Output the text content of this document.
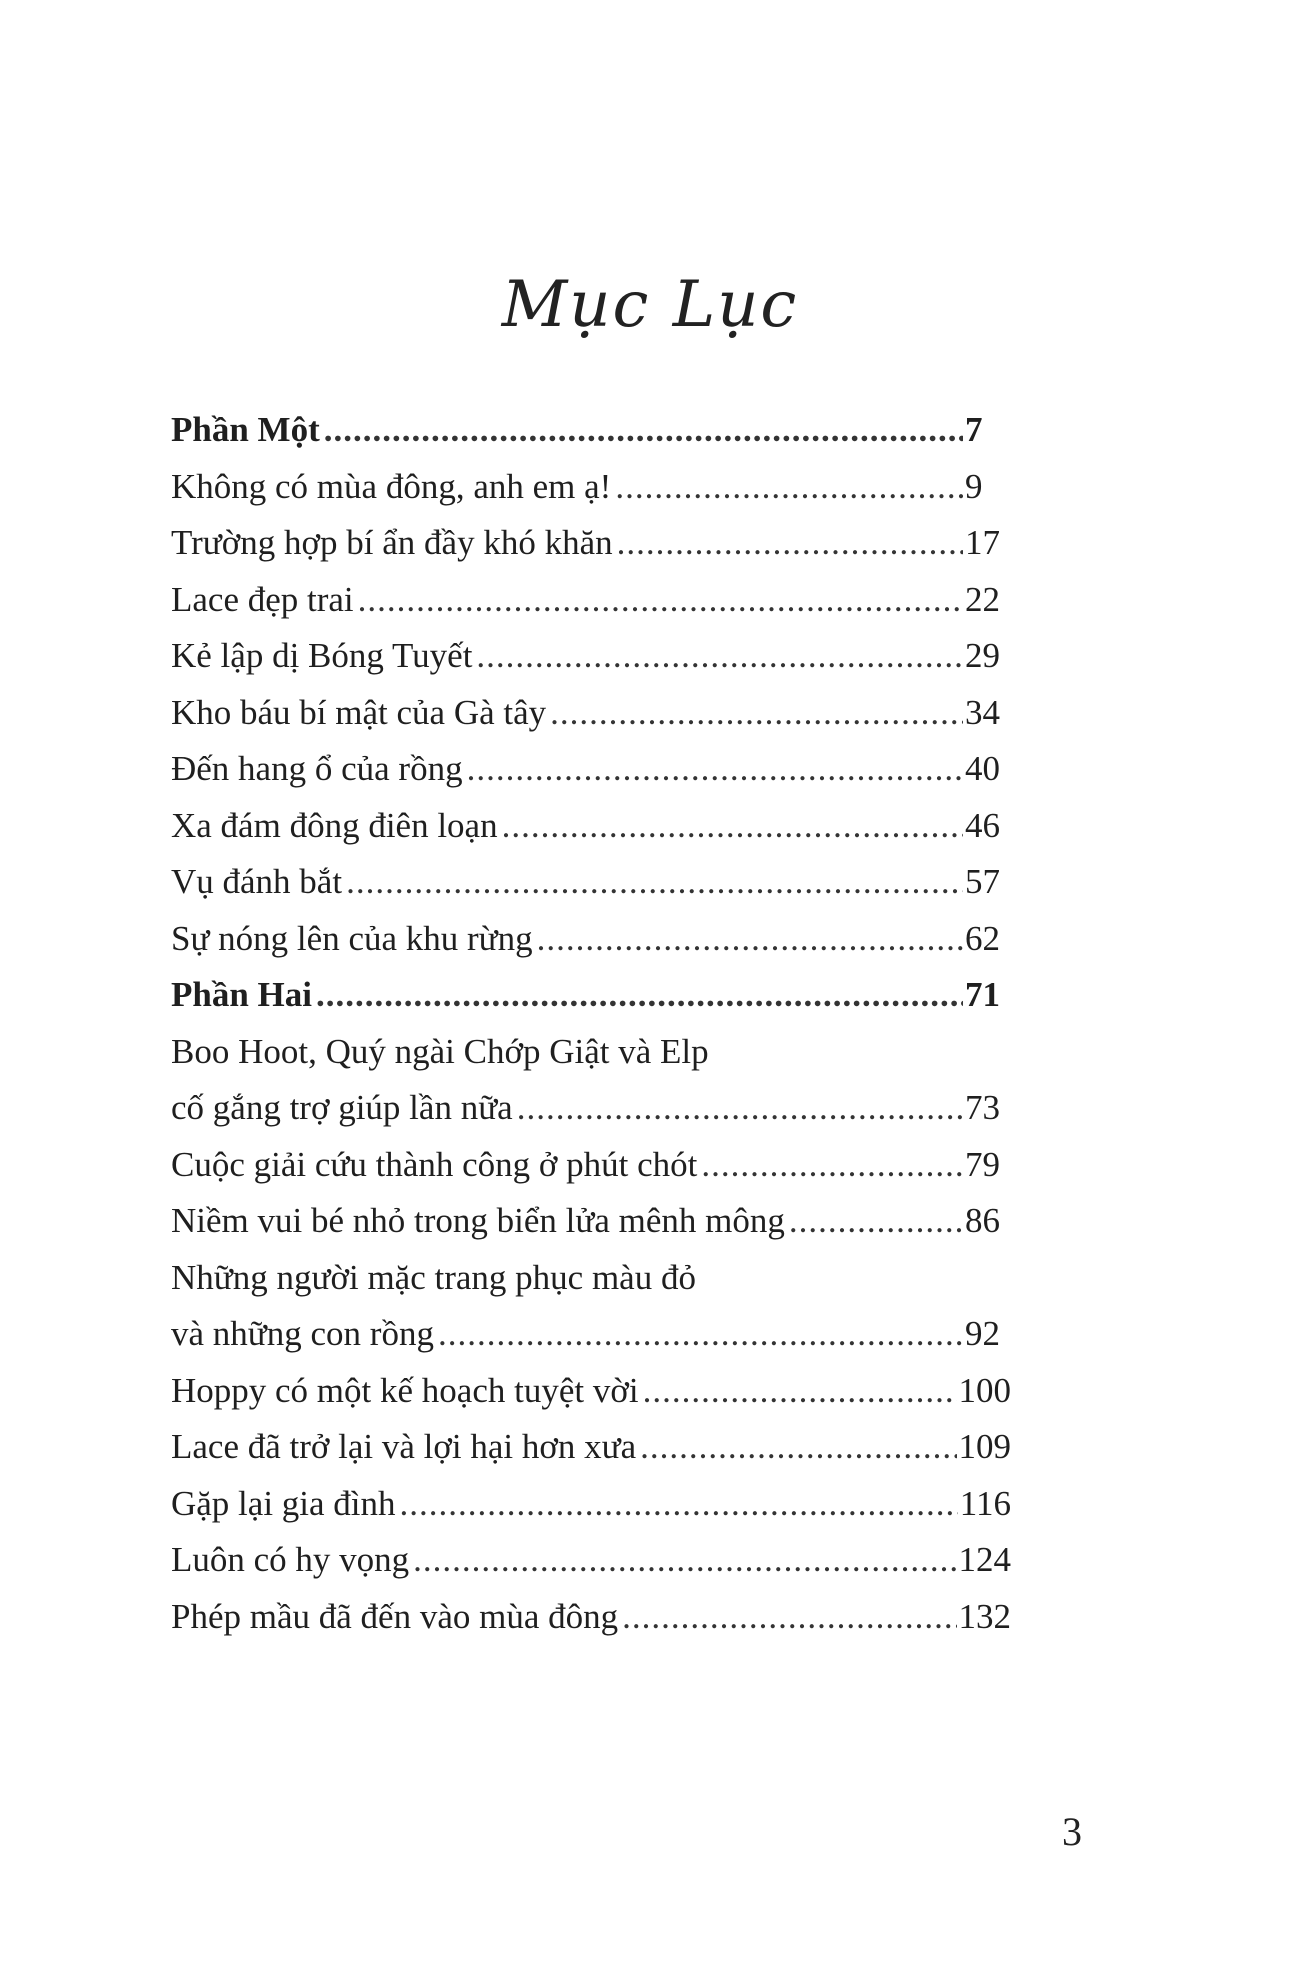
Mục Lục
Phần Một .....	7
Không có mùa đông, anh em ạ! .....	9
Trường hợp bí ẩn đầy khó khăn .....	17
Lace đẹp trai .....	22
Kẻ lập dị Bóng Tuyết .....	29
Kho báu bí mật của Gà tây .....	34
Đến hang ổ của rồng .....	40
Xa đám đông điên loạn .....	46
Vụ đánh bắt .....	57
Sự nóng lên của khu rừng .....	62
Phần Hai .....	71
Boo Hoot, Quý ngài Chớp Giật và Elp
cố gắng trợ giúp lần nữa .....	73
Cuộc giải cứu thành công ở phút chót .....	79
Niềm vui bé nhỏ trong biển lửa mênh mông .....	86
Những người mặc trang phục màu đỏ
và những con rồng .....	92
Hoppy có một kế hoạch tuyệt vời .....	100
Lace đã trở lại và lợi hại hơn xưa .....	109
Gặp lại gia đình .....	116
Luôn có hy vọng .....	124
Phép mầu đã đến vào mùa đông .....	132
3
